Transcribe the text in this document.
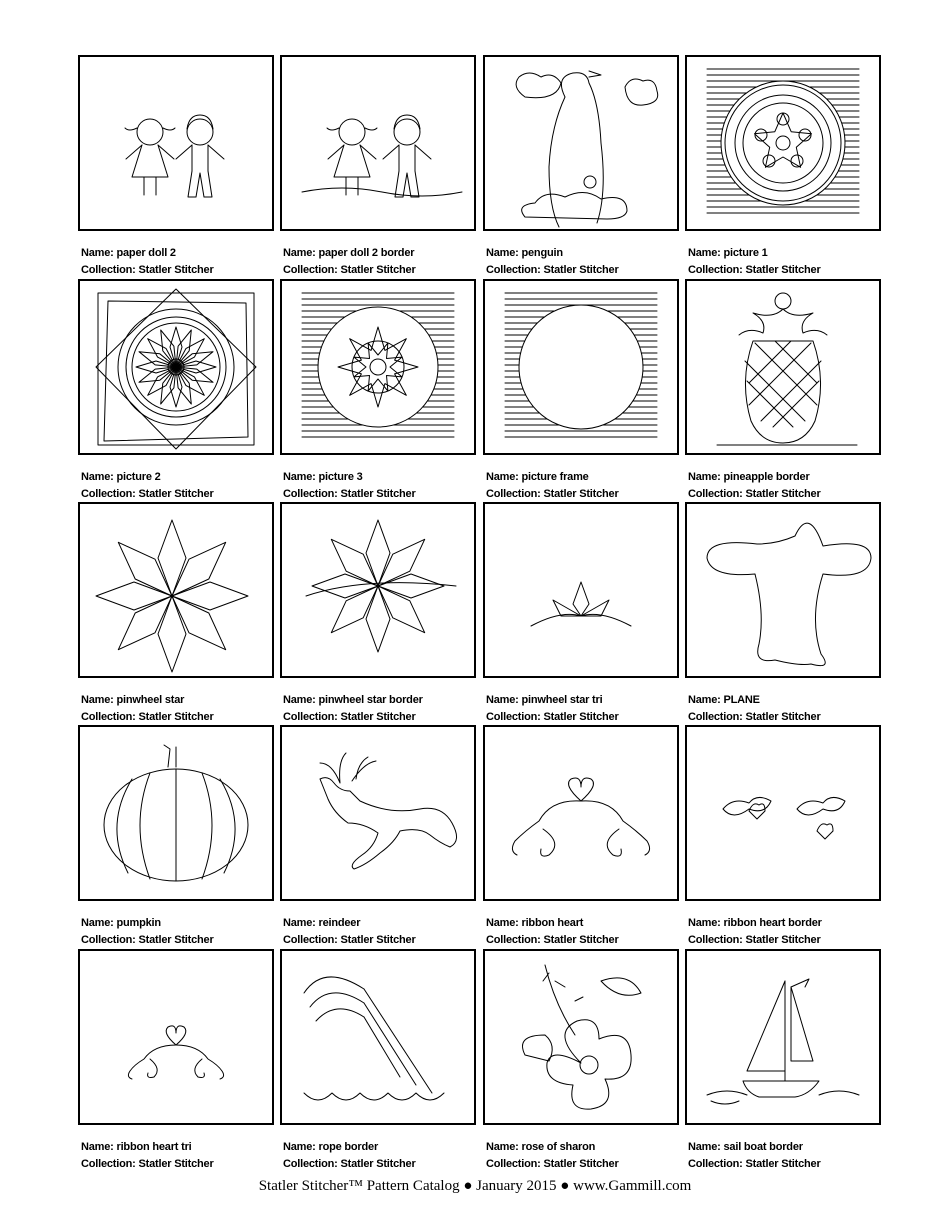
Name: paper doll 2
Collection: Statler Stitcher
Name: paper doll 2 border
Collection: Statler Stitcher
Name: penguin
Collection: Statler Stitcher
Name: picture 1
Collection: Statler Stitcher
Name: picture 2
Collection: Statler Stitcher
Name: picture 3
Collection: Statler Stitcher
Name: picture frame
Collection: Statler Stitcher
Name: pineapple border
Collection: Statler Stitcher
Name: pinwheel star
Collection: Statler Stitcher
Name: pinwheel star border
Collection: Statler Stitcher
Name: pinwheel star tri
Collection: Statler Stitcher
Name: PLANE
Collection: Statler Stitcher
Name: pumpkin
Collection: Statler Stitcher
Name: reindeer
Collection: Statler Stitcher
Name: ribbon heart
Collection: Statler Stitcher
Name: ribbon heart border
Collection: Statler Stitcher
Name: ribbon heart tri
Collection: Statler Stitcher
Name: rope border
Collection: Statler Stitcher
Name: rose of sharon
Collection: Statler Stitcher
Name: sail boat border
Collection: Statler Stitcher
Statler Stitcher™ Pattern Catalog ● January 2015 ● www.Gammill.com
